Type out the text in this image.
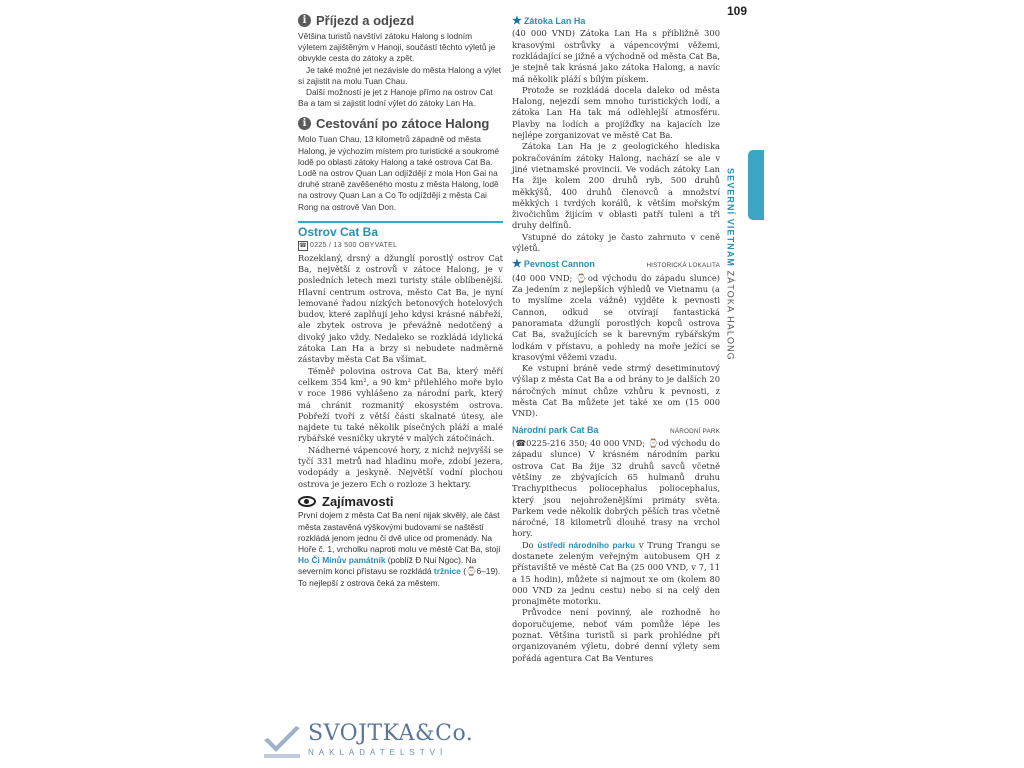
109
SEVERNÍ VIETNAM ZÁTOKA HALONG
i Příjezd a odjezd

Většina turistů navštíví zátoku Halong s lodním výletem zajištěným v Hanoji, součástí těchto výletů je obvykle cesta do zátoky a zpět.

Je také možné jet nezávisle do města Halong a výlet si zajistit na molu Tuan Chau.

Další možností je jet z Hanoje přímo na ostrov Cat Ba a tam si zajistit lodní výlet do zátoky Lan Ha.

i Cestování po zátoce Halong

Molo Tuan Chau, 13 kilometrů západně od města Halong, je výchozím místem pro turistické a soukromé lodě po oblasti zátoky Halong a také ostrova Cat Ba. Lodě na ostrov Quan Lan odjíždějí z mola Hon Gai na druhé straně zavěšeného mostu z města Halong, lodě na ostrovy Quan Lan a Co To odjíždějí z města Cai Rong na ostrově Van Don.

Ostrov Cat Ba
☎ 0225 / 13 500 OBYVATEL

Rozeklaný, drsný a džunglí porostlý ostrov Cat Ba, největší z ostrovů v zátoce Halong, je v posledních letech mezi turisty stále oblíbenější. Hlavní centrum ostrova, město Cat Ba, je nyní lemované řadou nízkých betonových hotelových budov, které zaplňují jeho kdysi krásné nábřeží, ale zbytek ostrova je převážně nedotčený a divoký jako vždy. Nedaleko se rozkládá idylická zátoka Lan Ha a brzy si nebudete nadměrně zástavby města Cat Ba všímat.

Téměř polovina ostrova Cat Ba, který měří celkem 354 km², a 90 km² přilehlého moře bylo v roce 1986 vyhlášeno za národní park, který má chránit rozmanitý ekosystém ostrova. Pobřeží tvoří z větší části skalnaté útesy, ale najdete tu také několik písečných pláží a malé rybářské vesničky ukryté v malých zátočinách.

Nádherné vápencové hory, z nichž nejvyšší se tyčí 331 metrů nad hladinu moře, zdobí jezera, vodopády a jeskyně. Největší vodní plochou ostrova je jezero Ech o rozloze 3 hektary.

Zajímavosti

První dojem z města Cat Ba není nijak skvělý, ale část města zastavěná výškovými budovami se naštěstí rozkládá jenom jednu či dvě ulice od promenády. Na Hoře č. 1, vrcholku naproti molu ve městě Cat Ba, stojí Ho Či Minův památník (poblíž Đ Nui Ngoc). Na severním konci přístavu se rozkládá tržnice (⌚6–19). To nejlepší z ostrova čeká za městem.

★ Zátoka Lan Ha

(40 000 VND) Zátoka Lan Ha s přibližně 300 krasovými ostrůvky a vápencovými věžemi, rozkládající se jižně a východně od města Cat Ba, je stejně tak krásná jako zátoka Halong, a navíc má několik pláží s bílým pískem.

Protože se rozkládá docela daleko od města Halong, nejezdí sem mnoho turistických lodí, a zátoka Lan Ha tak má odlehlejší atmosféru. Plavby na lodích a projížďky na kajacích lze nejlépe zorganizovat ve městě Cat Ba.

Zátoka Lan Ha je z geologického hlediska pokračováním zátoky Halong, nachází se ale v jiné vietnamské provincii. Ve vodách zátoky Lan Ha žije kolem 200 druhů ryb, 500 druhů měkkýšů, 400 druhů členovců a množství měkkých i tvrdých korálů, k větším mořským živočichům žijícím v oblasti patří tuleni a tři druhy delfínů.

Vstupné do zátoky je často zahrnuto v ceně výletů.

★ Pevnost Cannon	HISTORICKÁ LOKALITA

(40 000 VND; ⌚od východu do západu slunce) Za jedením z nejlepších výhledů ve Vietnamu (a to myslíme zcela vážně) vyjděte k pevnosti Cannon, odkud se otvírají fantastická panoramata džunglí porostlých kopců ostrova Cat Ba, svažujících se k barevným rybářským lodkám v přístavu, a pohledy na moře ježící se krasovými věžemi vzadu.

Ke vstupní bráně vede strmý desetiminutový výšlap z města Cat Ba a od brány to je dalších 20 náročných minut chůze vzhůru k pevnosti, z města Cat Ba můžete jet také xe om (15 000 VND).

Národní park Cat Ba	NÁRODNÍ PARK

(☎0225-216 350; 40 000 VND; ⌚od východu do západu slunce) V krásném národním parku ostrova Cat Ba žije 32 druhů savců včetně většiny ze zbývajících 65 hulmanů druhu Trachypithecus poliocephalus poliocephalus, který jsou nejohroženějšími primáty světa. Parkem vede několik dobrých pěších tras včetně náročné, 18 kilometrů dlouhé trasy na vrchol hory.

Do ústředí národního parku v Trung Trangu se dostanete zeleným veřejným autobusem QH z přístaviště ve městě Cat Ba (25 000 VND, v 7, 11 a 15 hodin), můžete si najmout xe om (kolem 80 000 VND za jednu cestu) nebo si na celý den pronajměte motorku.

Průvodce není povinný, ale rozhodně ho doporučujeme, neboť vám pomůže lépe les poznat. Většina turistů si park prohlédne při organizovaném výletu, dobré denní výlety sem pořádá agentura Cat Ba Ventures

SVOJTKA&Co.
NAKLADATELSTVÍ
